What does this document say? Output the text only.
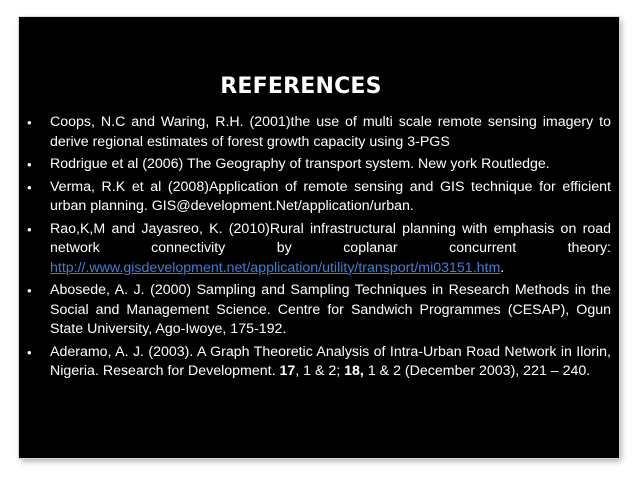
REFERENCES
• Coops, N.C and Waring, R.H. (2001)the use of multi scale remote sensing imagery to derive regional estimates of forest growth capacity using 3-PGS
• Rodrigue et al (2006) The Geography of transport system. New york Routledge.
• Verma, R.K et al (2008)Application of remote sensing and GIS technique for efficient urban planning. GIS@development.Net/application/urban.
• Rao,K,M and Jayasreo, K. (2010)Rural infrastructural planning with emphasis on road network connectivity by coplanar concurrent theory: http://.www.gisdevelopment.net/application/utility/transport/mi03151.htm.
• Abosede, A. J. (2000) Sampling and Sampling Techniques in Research Methods in the Social and Management Science. Centre for Sandwich Programmes (CESAP), Ogun State University, Ago-Iwoye, 175-192.
• Aderamo, A. J. (2003). A Graph Theoretic Analysis of Intra-Urban Road Network in Ilorin, Nigeria. Research for Development. 17, 1 & 2; 18, 1 & 2 (December 2003), 221 – 240.
